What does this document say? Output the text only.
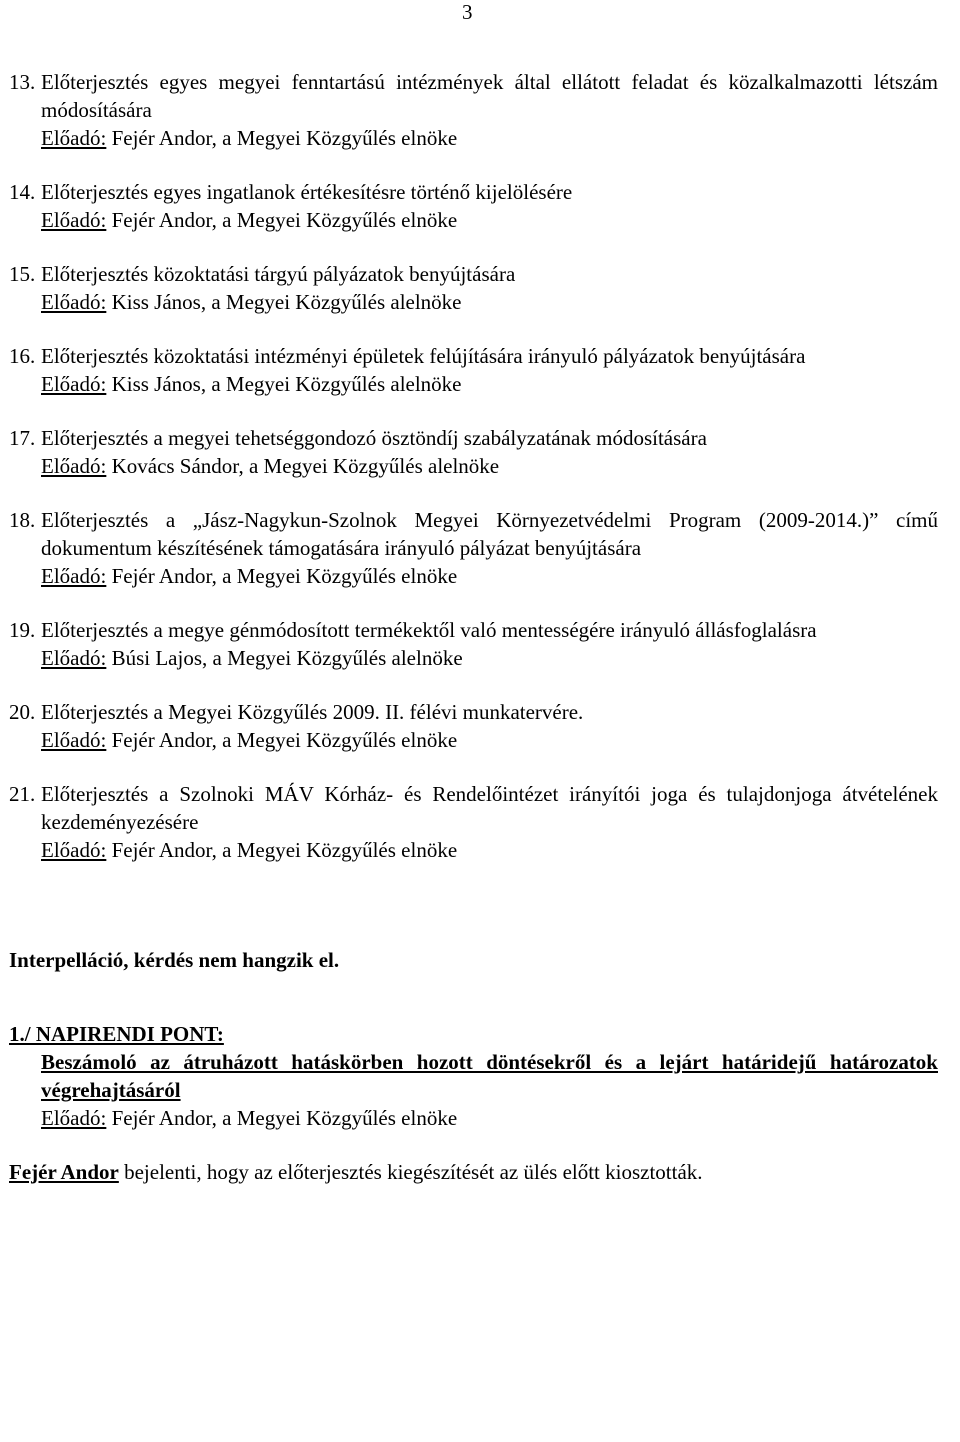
3
13. Előterjesztés egyes megyei fenntartású intézmények által ellátott feladat és közalkalmazotti létszám módosítására
Előadó: Fejér Andor, a Megyei Közgyűlés elnöke
14. Előterjesztés egyes ingatlanok értékesítésre történő kijelölésére
Előadó: Fejér Andor, a Megyei Közgyűlés elnöke
15. Előterjesztés közoktatási tárgyú pályázatok benyújtására
Előadó: Kiss János, a Megyei Közgyűlés alelnöke
16. Előterjesztés közoktatási intézményi épületek felújítására irányuló pályázatok benyújtására
Előadó: Kiss János, a Megyei Közgyűlés alelnöke
17. Előterjesztés a megyei tehetséggondozó ösztöndíj szabályzatának módosítására
Előadó: Kovács Sándor, a Megyei Közgyűlés alelnöke
18. Előterjesztés a „Jász-Nagykun-Szolnok Megyei Környezetvédelmi Program (2009-2014.)” című dokumentum készítésének támogatására irányuló pályázat benyújtására
Előadó: Fejér Andor, a Megyei Közgyűlés elnöke
19. Előterjesztés a megye génmódosított termékektől való mentességére irányuló állásfoglalásra
Előadó: Búsi Lajos, a Megyei Közgyűlés alelnöke
20. Előterjesztés a Megyei Közgyűlés 2009. II. félévi munkatervére.
Előadó: Fejér Andor, a Megyei Közgyűlés elnöke
21. Előterjesztés a Szolnoki MÁV Kórház- és Rendelőintézet irányítói joga és tulajdonjoga átvételének kezdeményezésére
Előadó: Fejér Andor, a Megyei Közgyűlés elnöke
Interpelláció, kérdés nem hangzik el.
1./ NAPIRENDI PONT:
Beszámoló az átruházott hatáskörben hozott döntésekről és a lejárt határidejű határozatok végrehajtásáról
Előadó: Fejér Andor, a Megyei Közgyűlés elnöke
Fejér Andor bejelenti, hogy az előterjesztés kiegészítését az ülés előtt kiosztották.
